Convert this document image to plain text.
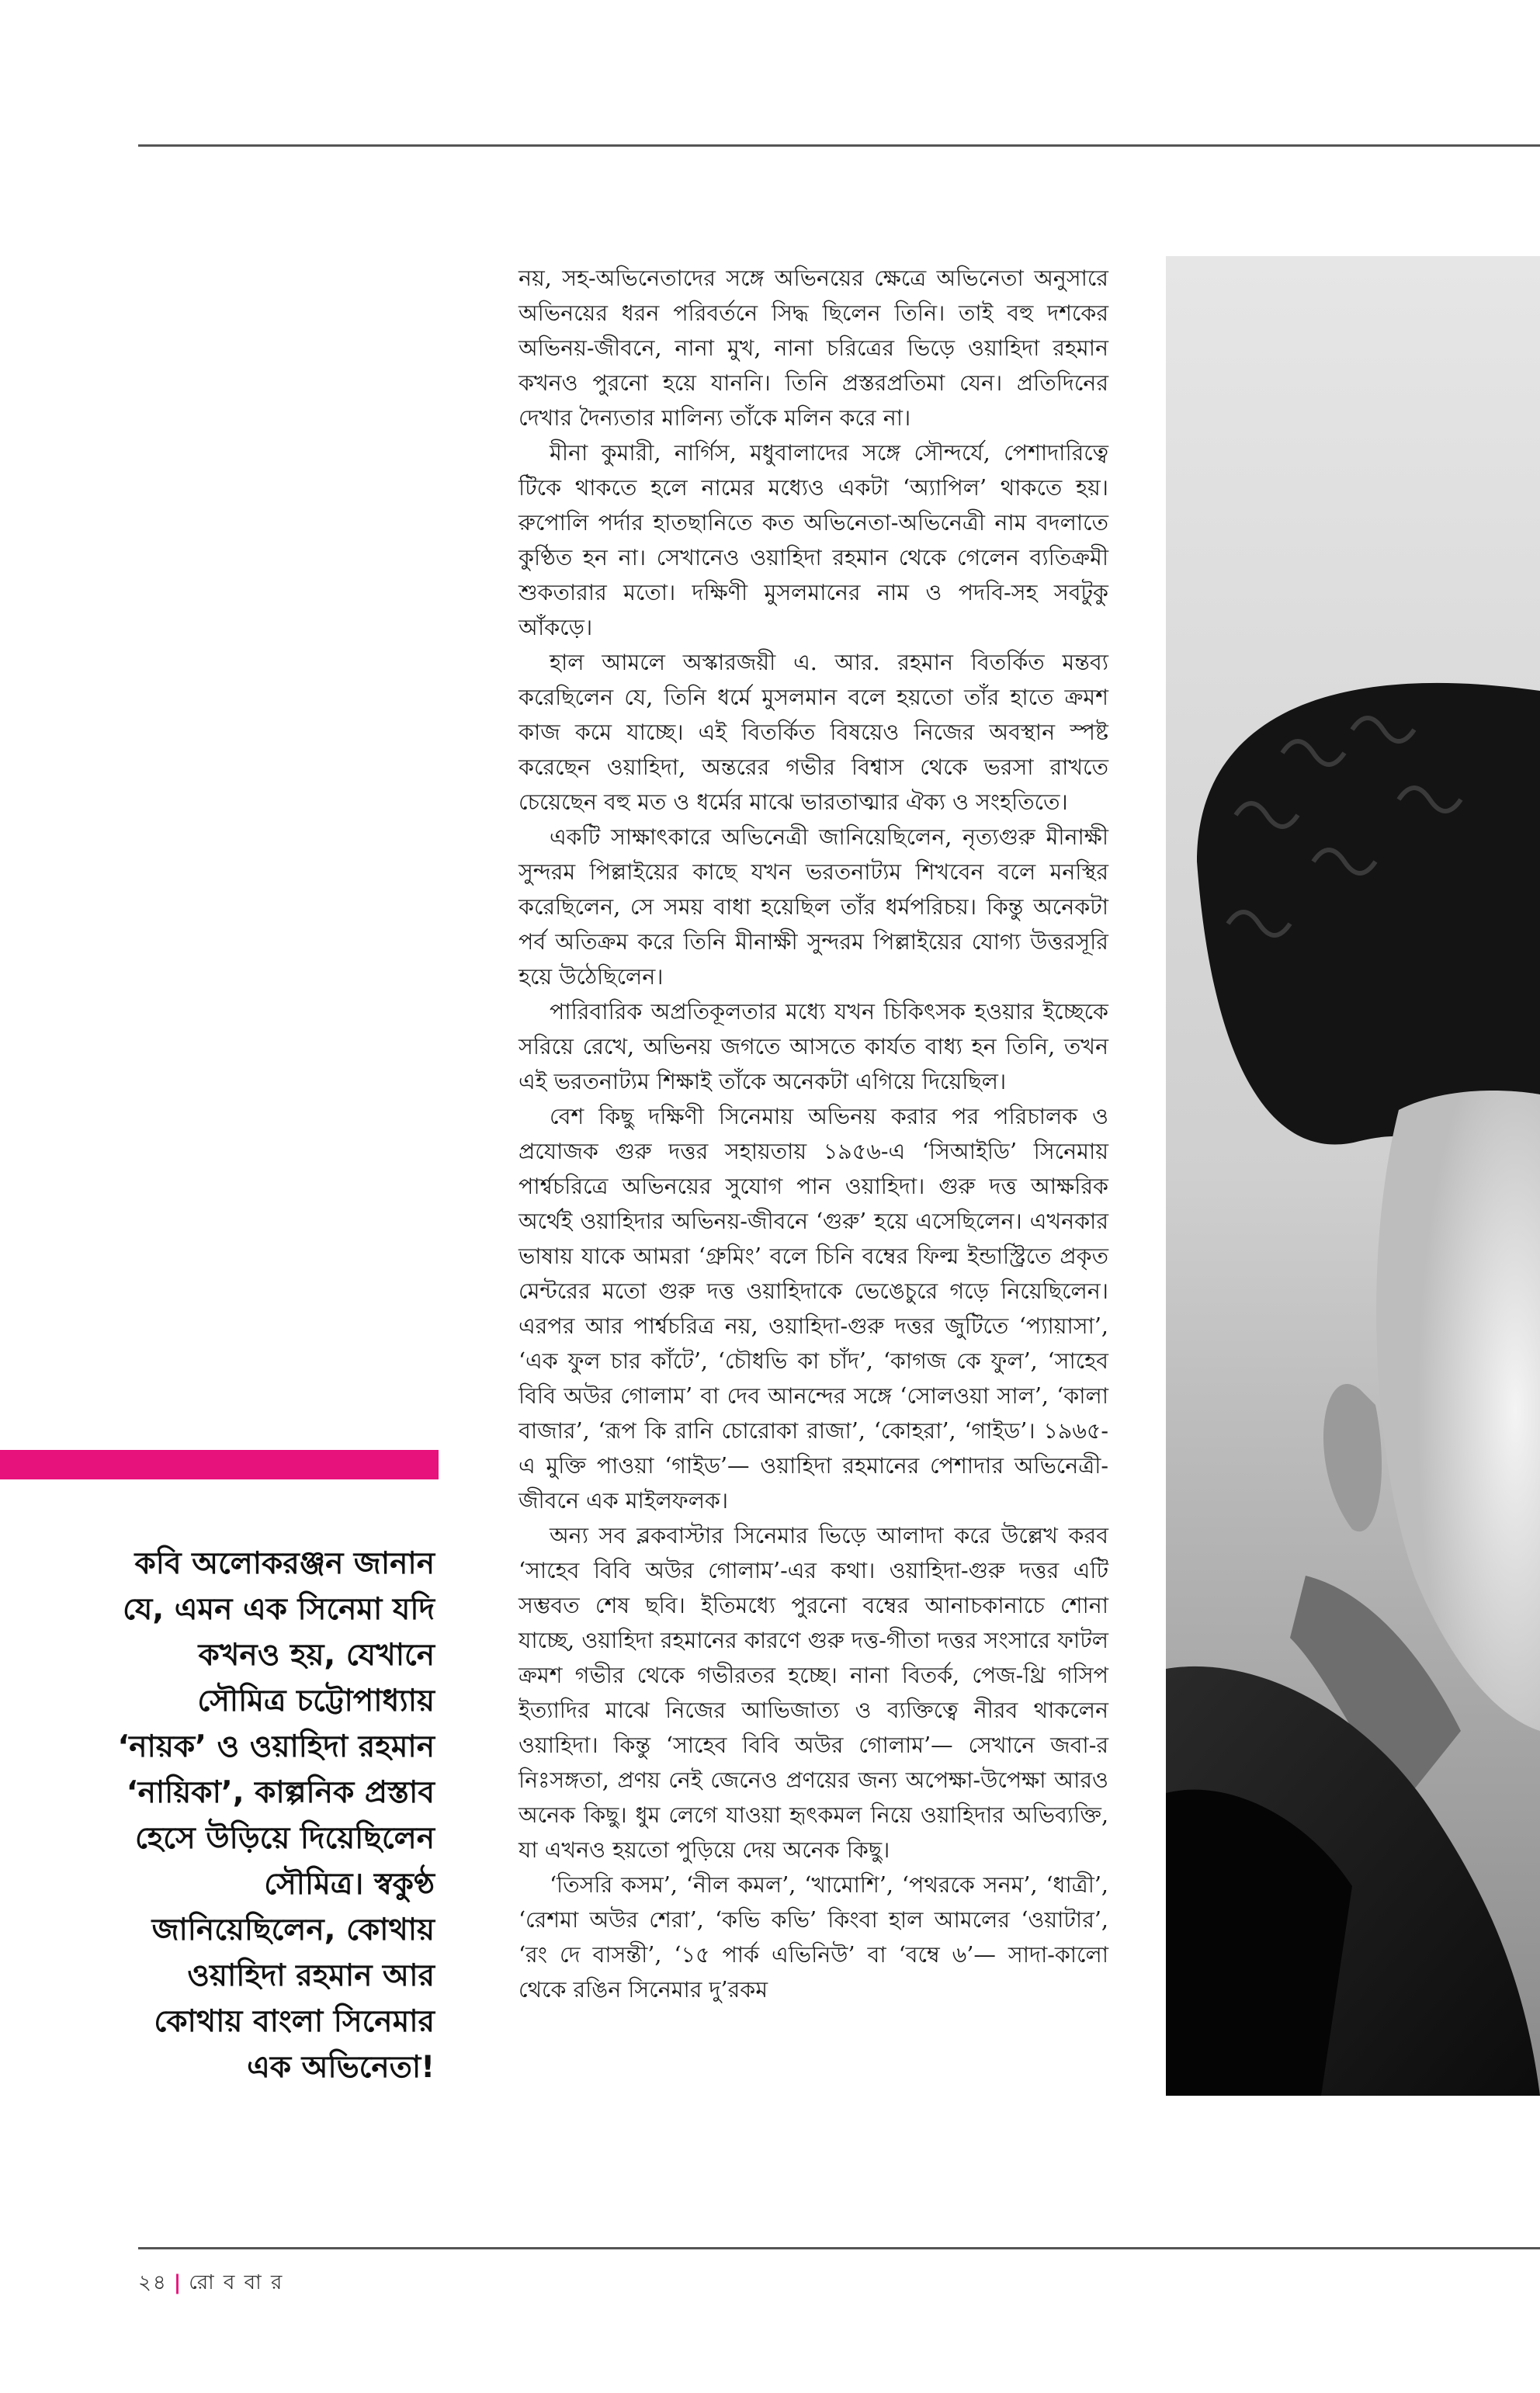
নয়, সহ-অভিনেতাদের সঙ্গে অভিনয়ের ক্ষেত্রে অভিনেতা অনুসারে অভিনয়ের ধরন পরিবর্তনে সিদ্ধ ছিলেন তিনি। তাই বহু দশকের অভিনয়-জীবনে, নানা মুখ, নানা চরিত্রের ভিড়ে ওয়াহিদা রহমান কখনও পুরনো হয়ে যাননি। তিনি প্রস্তরপ্রতিমা যেন। প্রতিদিনের দেখার দৈন্যতার মালিন্য তাঁকে মলিন করে না।

মীনা কুমারী, নার্গিস, মধুবালাদের সঙ্গে সৌন্দর্যে, পেশাদারিত্বে টিকে থাকতে হলে নামের মধ্যেও একটা ‘অ্যাপিল’ থাকতে হয়। রুপোলি পর্দার হাতছানিতে কত অভিনেতা-অভিনেত্রী নাম বদলাতে কুণ্ঠিত হন না। সেখানেও ওয়াহিদা রহমান থেকে গেলেন ব্যতিক্রমী শুকতারার মতো। দক্ষিণী মুসলমানের নাম ও পদবি-সহ সবটুকু আঁকড়ে।

হাল আমলে অস্কারজয়ী এ. আর. রহমান বিতর্কিত মন্তব্য করেছিলেন যে, তিনি ধর্মে মুসলমান বলে হয়তো তাঁর হাতে ক্রমশ কাজ কমে যাচ্ছে। এই বিতর্কিত বিষয়েও নিজের অবস্থান স্পষ্ট করেছেন ওয়াহিদা, অন্তরের গভীর বিশ্বাস থেকে ভরসা রাখতে চেয়েছেন বহু মত ও ধর্মের মাঝে ভারতাত্মার ঐক্য ও সংহতিতে।

একটি সাক্ষাৎকারে অভিনেত্রী জানিয়েছিলেন, নৃত্যগুরু মীনাক্ষী সুন্দরম পিল্লাইয়ের কাছে যখন ভরতনাট্যম শিখবেন বলে মনস্থির করেছিলেন, সে সময় বাধা হয়েছিল তাঁর ধর্মপরিচয়। কিন্তু অনেকটা পর্ব অতিক্রম করে তিনি মীনাক্ষী সুন্দরম পিল্লাইয়ের যোগ্য উত্তরসূরি হয়ে উঠেছিলেন।

পারিবারিক অপ্রতিকূলতার মধ্যে যখন চিকিৎসক হওয়ার ইচ্ছেকে সরিয়ে রেখে, অভিনয় জগতে আসতে কার্যত বাধ্য হন তিনি, তখন এই ভরতনাট্যম শিক্ষাই তাঁকে অনেকটা এগিয়ে দিয়েছিল।

বেশ কিছু দক্ষিণী সিনেমায় অভিনয় করার পর পরিচালক ও প্রযোজক গুরু দত্তর সহায়তায় ১৯৫৬-এ ‘সিআইডি’ সিনেমায় পার্শ্বচরিত্রে অভিনয়ের সুযোগ পান ওয়াহিদা। গুরু দত্ত আক্ষরিক অর্থেই ওয়াহিদার অভিনয়-জীবনে ‘গুরু’ হয়ে এসেছিলেন। এখনকার ভাষায় যাকে আমরা ‘গ্রুমিং’ বলে চিনি বম্বের ফিল্ম ইন্ডাস্ট্রিতে প্রকৃত মেন্টরের মতো গুরু দত্ত ওয়াহিদাকে ভেঙেচুরে গড়ে নিয়েছিলেন। এরপর আর পার্শ্বচরিত্র নয়, ওয়াহিদা-গুরু দত্তর জুটিতে ‘প্যায়াসা’, ‘এক ফুল চার কাঁটে’, ‘চৌধভি কা চাঁদ’, ‘কাগজ কে ফুল’, ‘সাহেব বিবি অউর গোলাম’ বা দেব আনন্দের সঙ্গে ‘সোলওয়া সাল’, ‘কালা বাজার’, ‘রূপ কি রানি চোরোকা রাজা’, ‘কোহরা’, ‘গাইড’। ১৯৬৫-এ মুক্তি পাওয়া ‘গাইড’— ওয়াহিদা রহমানের পেশাদার অভিনেত্রী-জীবনে এক মাইলফলক।

অন্য সব ব্লকবাস্টার সিনেমার ভিড়ে আলাদা করে উল্লেখ করব ‘সাহেব বিবি অউর গোলাম’-এর কথা। ওয়াহিদা-গুরু দত্তর এটি সম্ভবত শেষ ছবি। ইতিমধ্যে পুরনো বম্বের আনাচকানাচে শোনা যাচ্ছে, ওয়াহিদা রহমানের কারণে গুরু দত্ত-গীতা দত্তর সংসারে ফাটল ক্রমশ গভীর থেকে গভীরতর হচ্ছে। নানা বিতর্ক, পেজ-থ্রি গসিপ ইত্যাদির মাঝে নিজের আভিজাত্য ও ব্যক্তিত্বে নীরব থাকলেন ওয়াহিদা। কিন্তু ‘সাহেব বিবি অউর গোলাম’— সেখানে জবা-র নিঃসঙ্গতা, প্রণয় নেই জেনেও প্রণয়ের জন্য অপেক্ষা-উপেক্ষা আরও অনেক কিছু। ধুম লেগে যাওয়া হৃৎকমল নিয়ে ওয়াহিদার অভিব্যক্তি, যা এখনও হয়তো পুড়িয়ে দেয় অনেক কিছু।

‘তিসরি কসম’, ‘নীল কমল’, ‘খামোশি’, ‘পথরকে সনম’, ‘ধাত্রী’, ‘রেশমা অউর শেরা’, ‘কভি কভি’ কিংবা হাল আমলের ‘ওয়াটার’, ‘রং দে বাসন্তী’, ‘১৫ পার্ক এভিনিউ’ বা ‘বম্বে ৬’— সাদা-কালো থেকে রঙিন সিনেমার দু’রকম

কবি অলোকরঞ্জন জানান যে, এমন এক সিনেমা যদি কখনও হয়, যেখানে সৌমিত্র চট্টোপাধ্যায় ‘নায়ক’ ও ওয়াহিদা রহমান ‘নায়িকা’, কাল্পনিক প্রস্তাব হেসে উড়িয়ে দিয়েছিলেন সৌমিত্র। স্বকুণ্ঠ জানিয়েছিলেন, কোথায় ওয়াহিদা রহমান আর কোথায় বাংলা সিনেমার এক অভিনেতা!
২৪ | রো ব বা র
